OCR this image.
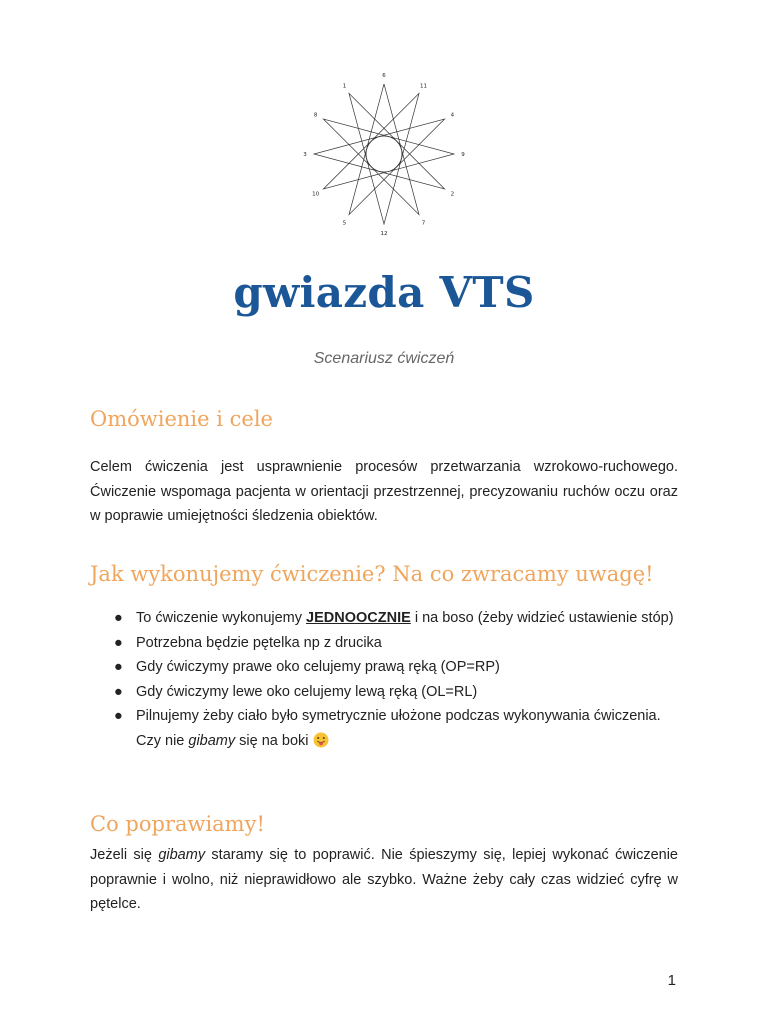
6
11
4
9
2
7
12
5
10
3
8
1
gwiazda VTS

Scenariusz ćwiczeń

Omówienie i cele

Celem ćwiczenia jest usprawnienie procesów przetwarzania wzrokowo-ruchowego. Ćwiczenie wspomaga pacjenta w orientacji przestrzennej, precyzowaniu ruchów oczu oraz w poprawie umiejętności śledzenia obiektów.

Jak wykonujemy ćwiczenie? Na co zwracamy uwagę!
● To ćwiczenie wykonujemy JEDNOOCZNIE i na boso (żeby widzieć ustawienie stóp)
● Potrzebna będzie pętelka np z drucika
● Gdy ćwiczymy prawe oko celujemy prawą ręką (OP=RP)
● Gdy ćwiczymy lewe oko celujemy lewą ręką (OL=RL)
● Pilnujemy żeby ciało było symetrycznie ułożone podczas wykonywania ćwiczenia. Czy nie gibamy się na boki
Co poprawiamy!

Jeżeli się gibamy staramy się to poprawić. Nie śpieszymy się, lepiej wykonać ćwiczenie poprawnie i wolno, niż nieprawidłowo ale szybko. Ważne żeby cały czas widzieć cyfrę w pętelce.

1
